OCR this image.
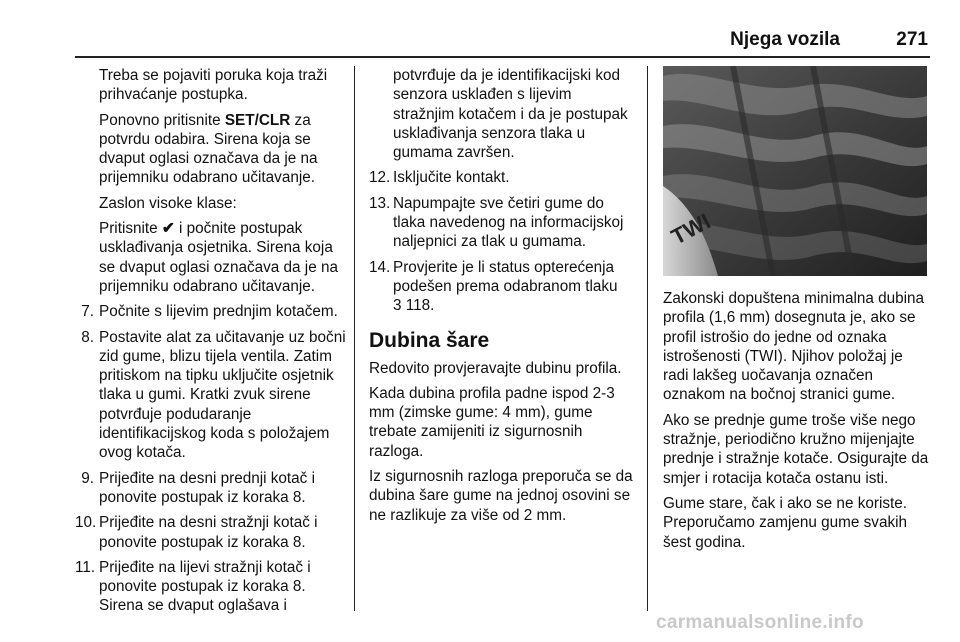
Njega vozila	271
Treba se pojaviti poruka koja traži prihvaćanje postupka.
Ponovno pritisnite SET/CLR za potvrdu odabira. Sirena koja se dvaput oglasi označava da je na prijemniku odabrano učitavanje.
Zaslon visoke klase:
Pritisnite ✔ i počnite postupak usklađivanja osjetnika. Sirena koja se dvaput oglasi označava da je na prijemniku odabrano učitavanje.
7. Počnite s lijevim prednjim kotačem.
8. Postavite alat za učitavanje uz bočni zid gume, blizu tijela ventila. Zatim pritiskom na tipku uključite osjetnik tlaka u gumi. Kratki zvuk sirene potvrđuje podudaranje identifikacijskog koda s položajem ovog kotača.
9. Prijeđite na desni prednji kotač i ponovite postupak iz koraka 8.
10. Prijeđite na desni stražnji kotač i ponovite postupak iz koraka 8.
11. Prijeđite na lijevi stražnji kotač i ponovite postupak iz koraka 8. Sirena se dvaput oglašava i
potvrđuje da je identifikacijski kod senzora usklađen s lijevim stražnjim kotačem i da je postupak usklađivanja senzora tlaka u gumama završen.
12. Isključite kontakt.
13. Napumpajte sve četiri gume do tlaka navedenog na informacijskoj naljepnici za tlak u gumama.
14. Provjerite je li status opterećenja podešen prema odabranom tlaku
3 118.
Dubina šare
Redovito provjeravajte dubinu profila.
Kada dubina profila padne ispod 2-3 mm (zimske gume: 4 mm), gume trebate zamijeniti iz sigurnosnih razloga.
Iz sigurnosnih razloga preporuča se da dubina šare gume na jednoj osovini se ne razlikuje za više od 2 mm.
TWI
Zakonski dopuštena minimalna dubina profila (1,6 mm) dosegnuta je, ako se profil istrošio do jedne od oznaka istrošenosti (TWI). Njihov položaj je radi lakšeg uočavanja označen oznakom na bočnoj stranici gume.
Ako se prednje gume troše više nego stražnje, periodično kružno mijenjajte prednje i stražnje kotače. Osigurajte da smjer i rotacija kotača ostanu isti.
Gume stare, čak i ako se ne koriste. Preporučamo zamjenu gume svakih šest godina.
carmanualsonline.info
